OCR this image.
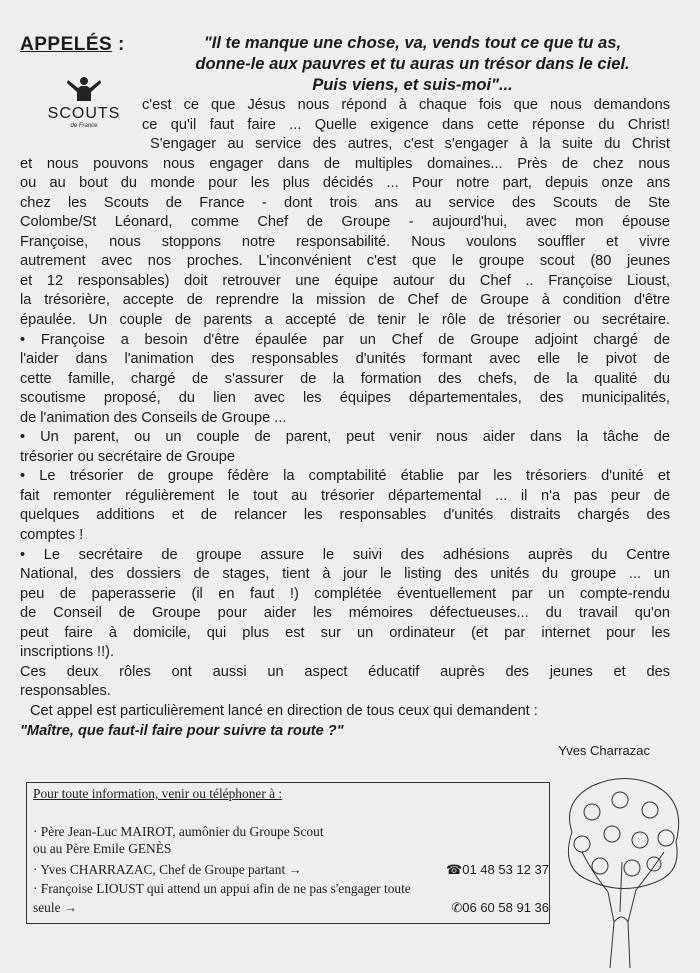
APPELÉS :	"Il te manque une chose, va, vends tout ce que tu as,
donne-le aux pauvres et tu auras un trésor dans le ciel.
Puis viens, et suis-moi"...
SCOUTS
de France
c'est ce que Jésus nous répond à chaque fois que nous demandons
ce qu'il faut faire ... Quelle exigence dans cette réponse du Christ!
S'engager au service des autres, c'est s'engager à la suite du Christ
et nous pouvons nous engager dans de multiples domaines... Près de chez nous
ou au bout du monde pour les plus décidés ... Pour notre part, depuis onze ans
chez les Scouts de France - dont trois ans au service des Scouts de Ste
Colombe/St Léonard, comme Chef de Groupe - aujourd'hui, avec mon épouse
Françoise, nous stoppons notre responsabilité. Nous voulons souffler et vivre
autrement avec nos proches. L'inconvénient c'est que le groupe scout (80 jeunes
et 12 responsables) doit retrouver une équipe autour du Chef .. Françoise Lioust,
la trésorière, accepte de reprendre la mission de Chef de Groupe à condition d'être
épaulée. Un couple de parents a accepté de tenir le rôle de trésorier ou secrétaire.
• Françoise a besoin d'être épaulée par un Chef de Groupe adjoint chargé de
l'aider dans l'animation des responsables d'unités formant avec elle le pivot de
cette famille, chargé de s'assurer de la formation des chefs, de la qualité du
scoutisme proposé, du lien avec les équipes départementales, des municipalités,
de l'animation des Conseils de Groupe ...
• Un parent, ou un couple de parent, peut venir nous aider dans la tâche de
trésorier ou secrétaire de Groupe
• Le trésorier de groupe fédère la comptabilité établie par les trésoriers d'unité et
fait remonter régulièrement le tout au trésorier départemental ... il n'a pas peur de
quelques additions et de relancer les responsables d'unités distraits chargés des
comptes !
• Le secrétaire de groupe assure le suivi des adhésions auprès du Centre
National, des dossiers de stages, tient à jour le listing des unités du groupe ... un
peu de paperasserie (il en faut !) complétée éventuellement par un compte-rendu
de Conseil de Groupe pour aider les mémoires défectueuses... du travail qu'on
peut faire à domicile, qui plus est sur un ordinateur (et par internet pour les
inscriptions !!).
Ces deux rôles ont aussi un aspect éducatif auprès des jeunes et des
responsables.
Cet appel est particulièrement lancé en direction de tous ceux qui demandent :
"Maître, que faut-il faire pour suivre ta route ?"
Yves Charrazac
Pour toute information, venir ou téléphoner à :
· Père Jean-Luc MAIROT, aumônier du Groupe Scout
ou au Père Emile GENÈS
· Yves CHARRAZAC, Chef de Groupe partant →	☎01 48 53 12 37
· Françoise LIOUST qui attend un appui afin de ne pas s'engager toute
seule →	✆06 60 58 91 36
